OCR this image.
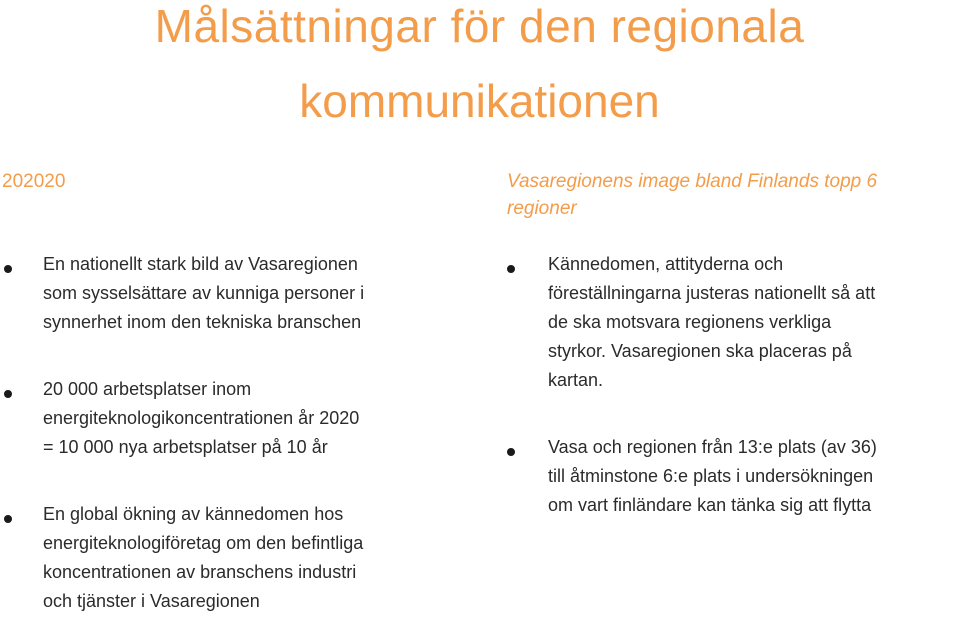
Målsättningar för den regionala
kommunikationen
202020	Vasaregionens image bland Finlands topp 6
regioner
En nationellt stark bild av Vasaregionen
som sysselsättare av kunniga personer i
synnerhet inom den tekniska branschen
20 000 arbetsplatser inom
energiteknologikoncentrationen år 2020
= 10 000 nya arbetsplatser på 10 år
En global ökning av kännedomen hos
energiteknologiföretag om den befintliga
koncentrationen av branschens industri
och tjänster i Vasaregionen
Kännedomen, attityderna och
föreställningarna justeras nationellt så att
de ska motsvara regionens verkliga
styrkor. Vasaregionen ska placeras på
kartan.
Vasa och regionen från 13:e plats (av 36)
till åtminstone 6:e plats i undersökningen
om vart finländare kan tänka sig att flytta
